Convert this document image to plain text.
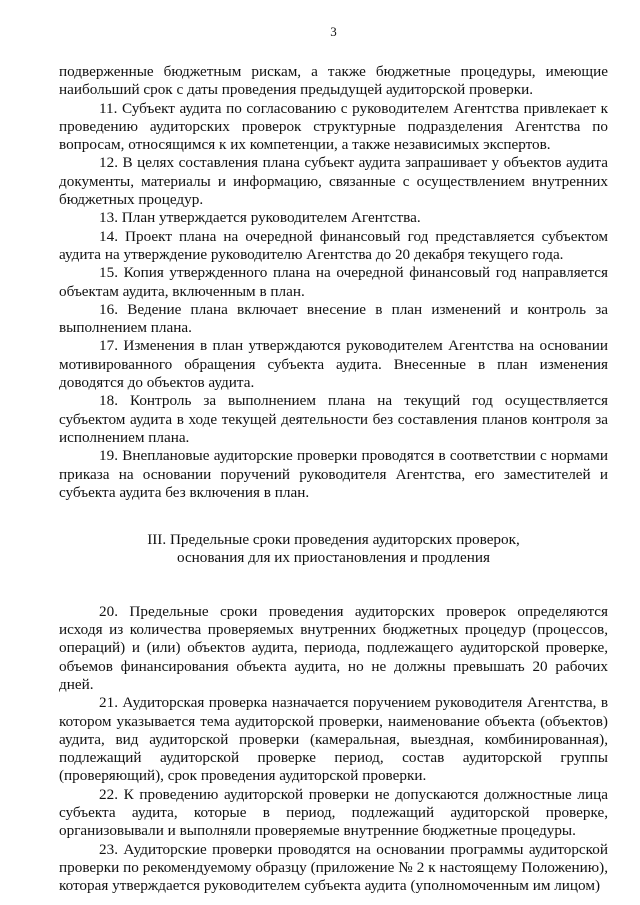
3

подверженные бюджетным рискам, а также бюджетные процедуры, имеющие наибольший срок с даты проведения предыдущей аудиторской проверки.

11. Субъект аудита по согласованию с руководителем Агентства привлекает к проведению аудиторских проверок структурные подразделения Агентства по вопросам, относящимся к их компетенции, а также независимых экспертов.

12. В целях составления плана субъект аудита запрашивает у объектов аудита документы, материалы и информацию, связанные с осуществлением внутренних бюджетных процедур.

13. План утверждается руководителем Агентства.

14. Проект плана на очередной финансовый год представляется субъектом аудита на утверждение руководителю Агентства до 20 декабря текущего года.

15. Копия утвержденного плана на очередной финансовый год направляется объектам аудита, включенным в план.

16. Ведение плана включает внесение в план изменений и контроль за выполнением плана.

17. Изменения в план утверждаются руководителем Агентства на основании мотивированного обращения субъекта аудита. Внесенные в план изменения доводятся до объектов аудита.

18. Контроль за выполнением плана на текущий год осуществляется субъектом аудита в ходе текущей деятельности без составления планов контроля за исполнением плана.

19. Внеплановые аудиторские проверки проводятся в соответствии с нормами приказа на основании поручений руководителя Агентства, его заместителей и субъекта аудита без включения в план.

III. Предельные сроки проведения аудиторских проверок,
основания для их приостановления и продления

20. Предельные сроки проведения аудиторских проверок определяются исходя из количества проверяемых внутренних бюджетных процедур (процессов, операций) и (или) объектов аудита, периода, подлежащего аудиторской проверке, объемов финансирования объекта аудита, но не должны превышать 20 рабочих дней.

21. Аудиторская проверка назначается поручением руководителя Агентства, в котором указывается тема аудиторской проверки, наименование объекта (объектов) аудита, вид аудиторской проверки (камеральная, выездная, комбинированная), подлежащий аудиторской проверке период, состав аудиторской группы (проверяющий), срок проведения аудиторской проверки.

22. К проведению аудиторской проверки не допускаются должностные лица субъекта аудита, которые в период, подлежащий аудиторской проверке, организовывали и выполняли проверяемые внутренние бюджетные процедуры.

23. Аудиторские проверки проводятся на основании программы аудиторской проверки по рекомендуемому образцу (приложение № 2 к настоящему Положению), которая утверждается руководителем субъекта аудита (уполномоченным им лицом)
